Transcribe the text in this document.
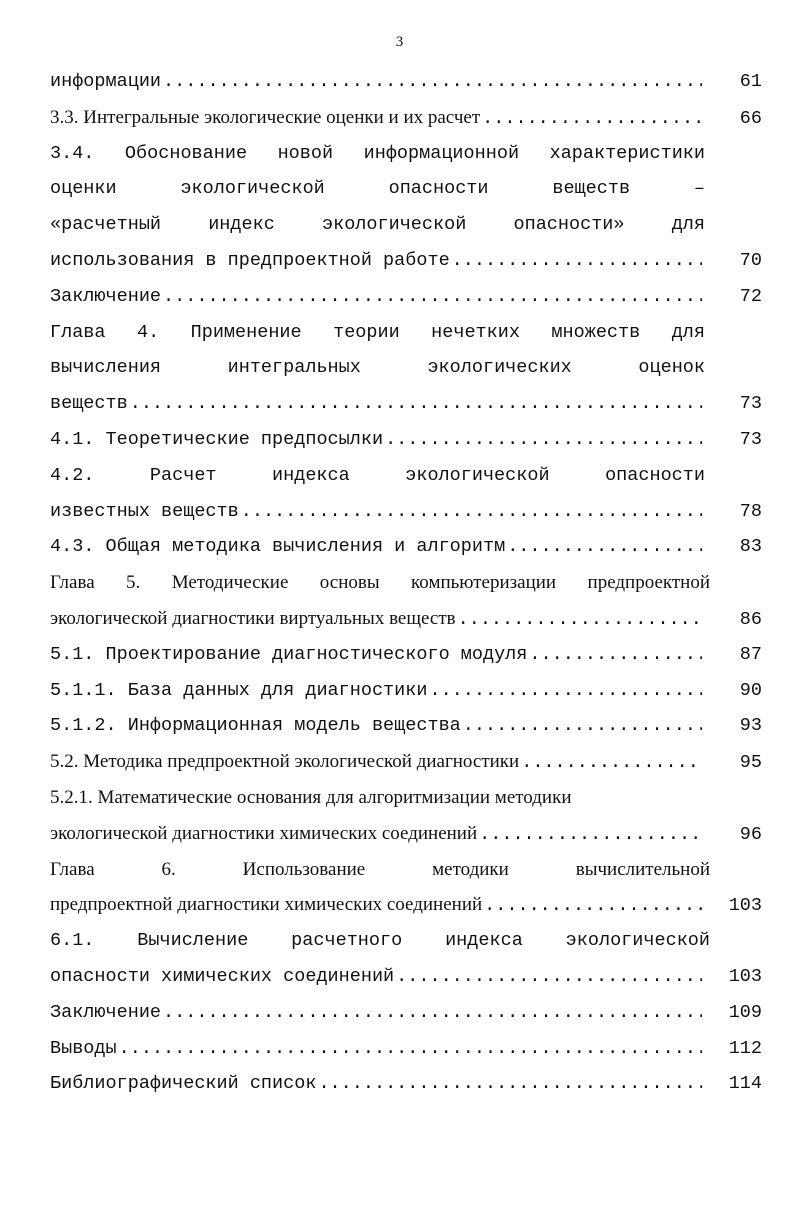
3
информации .....	61
3.3. Интегральные экологические оценки и их расчет .....	66
3.4. Обоснование новой информационной характеристики
оценки экологической опасности веществ –
«расчетный индекс экологической опасности» для
использования в предпроектной работе .....	70
Заключение .....	72
Глава 4. Применение теории нечетких множеств для
вычисления интегральных экологических оценок
веществ .....	73
4.1. Теоретические предпосылки .....	73
4.2. Расчет индекса экологической опасности
известных веществ .....	78
4.3. Общая методика вычисления и алгоритм .....	83
Глава 5. Методические основы компьютеризации предпроектной
экологической диагностики виртуальных веществ .....	86
5.1. Проектирование диагностического модуля .....	87
5.1.1. База данных для диагностики .....	90
5.1.2. Информационная модель вещества .....	93
5.2. Методика предпроектной экологической диагностики .....	95
5.2.1. Математические основания для алгоритмизации методики
экологической диагностики химических соединений .....	96
Глава 6. Использование методики вычислительной
предпроектной диагностики химических соединений .....	103
6.1. Вычисление расчетного индекса экологической
опасности химических соединений .....	103
Заключение .....	109
Выводы .....	112
Библиографический список .....	114
